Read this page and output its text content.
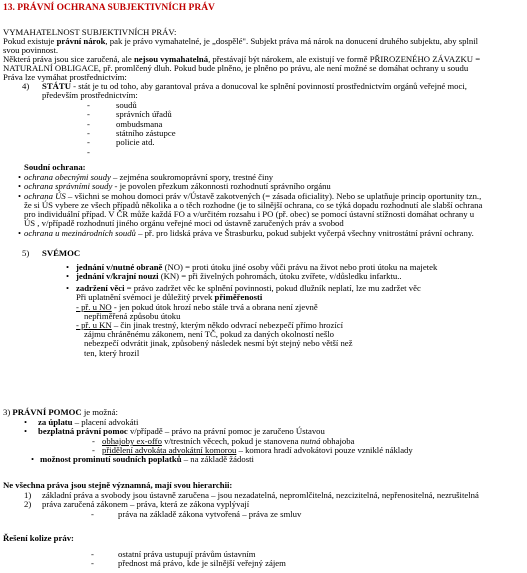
13. PRÁVNÍ OCHRANA SUBJEKTIVNÍCH PRÁV
VYMAHATELNOST SUBJEKTIVNÍCH PRÁV:
Pokud existuje právní nárok, pak je právo vymahatelné, je „dospělé". Subjekt práva má nárok na donucení druhého subjektu, aby splnil
svou povinnost.
Některá práva jsou sice zaručená, ale nejsou vymahatelná, přestávají být nárokem, ale existují ve formě PŘIROZENÉHO ZÁVAZKU =
NATURALNÍ OBLIGACE, př. promlčený dluh. Pokud bude plněno, je plněno po právu, ale není možné se domáhat ochrany u soudu
Práva lze vymáhat prostřednictvím:
4) STÁTU - stát je tu od toho, aby garantoval práva a donucoval ke splnění povinností prostřednictvím orgánů veřejné moci,
především prostřednictvím:
-	soudů
-	správních úřadů
-	ombudsmana
-	státního zástupce
-	policie atd.
-
Soudní ochrana:
• ochrana obecnými soudy – zejména soukromoprávní spory, trestné činy
• ochrana správními soudy - je povolen přezkum zákonnosti rozhodnutí správního orgánu
• ochrana ÚS – všichni se mohou domoci práv v/Ústavě zakotvených (= zásada oficiality). Nebo se uplatňuje princip oportunity tzn.,
že si ÚS vybere ze všech případů několika a o těch rozhodne (je to silnější ochrana, co se týká dopadu rozhodnutí ale slabší ochrana
pro individuální případ. V ČR může každá FO a v/určitém rozsahu i PO (př. obec) se pomocí ústavní stížnosti domáhat ochrany u
ÚS , v/případě rozhodnutí jiného orgánu veřejné moci od ústavně zaručených práv a svobod
• ochrana u mezinárodních soudů – př. pro lidská práva ve Štrasburku, pokud subjekt vyčerpá všechny vnitrostátní právní ochrany.
5) SVÉMOC
• jednání v/nutné obraně (NO) = proti útoku jiné osoby vůči právu na život nebo proti útoku na majetek
• jednání v/krajní nouzi (KN) = při živelných pohromách, útoku zvířete, v/důsledku infarktu..
• zadržení věci = právo zadržet věc ke splnění povinnosti, pokud dlužník neplatí, lze mu zadržet věc
Při uplatnění svémoci je důležitý prvek přiměřenosti
- př. u NO - jen pokud útok hrozí nebo stále trvá a obrana není zjevně
nepřiměřená způsobu útoku
- př. u KN – čin jinak trestný, kterým někdo odvrací nebezpečí přímo hrozící
zájmu chráněnému zákonem, není TČ, pokud za daných okolností nešlo
nebezpečí odvrátit jinak, způsobený následek nesmí být stejný nebo větší než
ten, který hrozil
3) PRÁVNÍ POMOC je možná:
• za úplatu – placení advokáti
• bezplatná právní pomoc v/případě – právo na právní pomoc je zaručeno Ústavou
- obhajoby ex-offo v/trestních věcech, pokud je stanovena nutná obhajoba
- přidělení advokáta advokátní komorou – komora hradí advokátovi pouze vzniklé náklady
• možnost prominutí soudních poplatků – na základě žádosti
Ne všechna práva jsou stejně významná, mají svou hierarchii:
1) základní práva a svobody jsou ústavně zaručena – jsou nezadatelná, nepromlčitelná, nezcizitelná, nepřenositelná, nezrušitelná
2) práva zaručená zákonem – práva, která ze zákona vyplývají
-	práva na základě zákona vytvořená – práva ze smluv
Řešení kolize práv:
-	ostatní práva ustupují právům ústavním
-	přednost má právo, kde je silnější veřejný zájem
